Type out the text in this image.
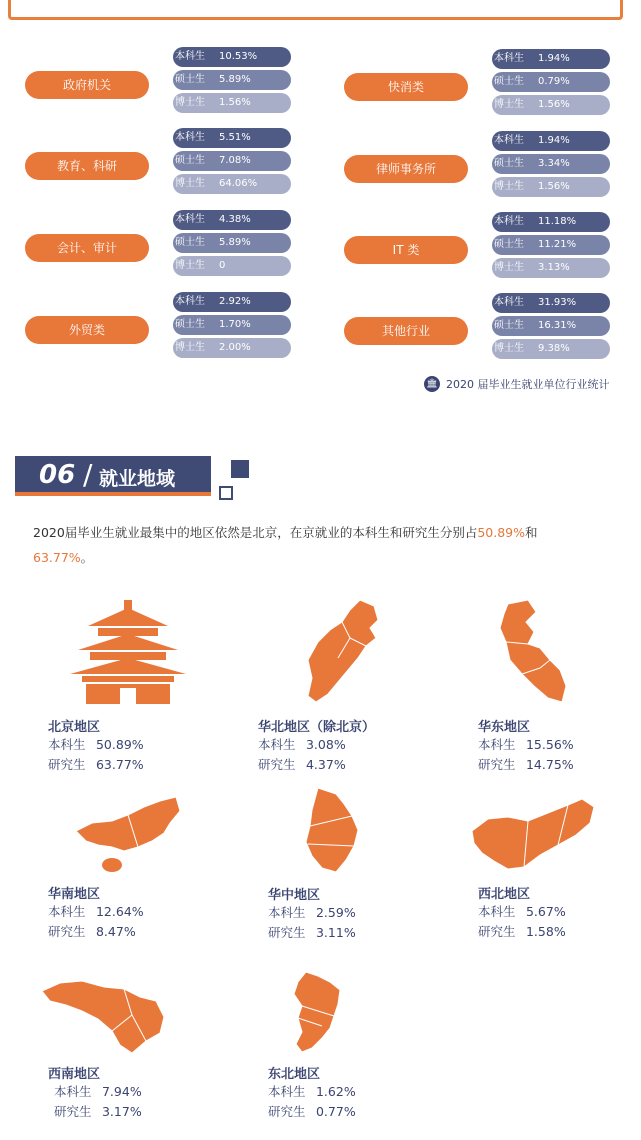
政府机关
本科生	10.53%
硕士生	5.89%
博士生	1.56%
教育、科研
本科生	5.51%
硕士生	7.08%
博士生	64.06%
会计、审计
本科生	4.38%
硕士生	5.89%
博士生	0
外贸类
本科生	2.92%
硕士生	1.70%
博士生	2.00%
快消类
本科生	1.94%
硕士生	0.79%
博士生	1.56%
律师事务所
本科生	1.94%
硕士生	3.34%
博士生	1.56%
IT 类
本科生	11.18%
硕士生	11.21%
博士生	3.13%
其他行业
本科生	31.93%
硕士生	16.31%
博士生	9.38%
🏛 2020 届毕业生就业单位行业统计
06 / 就业地域
2020届毕业生就业最集中的地区依然是北京，在京就业的本科生和研究生分别占50.89%和
63.77%。
北京地区
本科生 50.89%
研究生 63.77%
华北地区（除北京）
本科生 3.08%
研究生 4.37%
华东地区
本科生 15.56%
研究生 14.75%
华南地区
本科生 12.64%
研究生 8.47%
华中地区
本科生 2.59%
研究生 3.11%
西北地区
本科生 5.67%
研究生 1.58%
西南地区
本科生 7.94%
研究生 3.17%
东北地区
本科生 1.62%
研究生 0.77%
